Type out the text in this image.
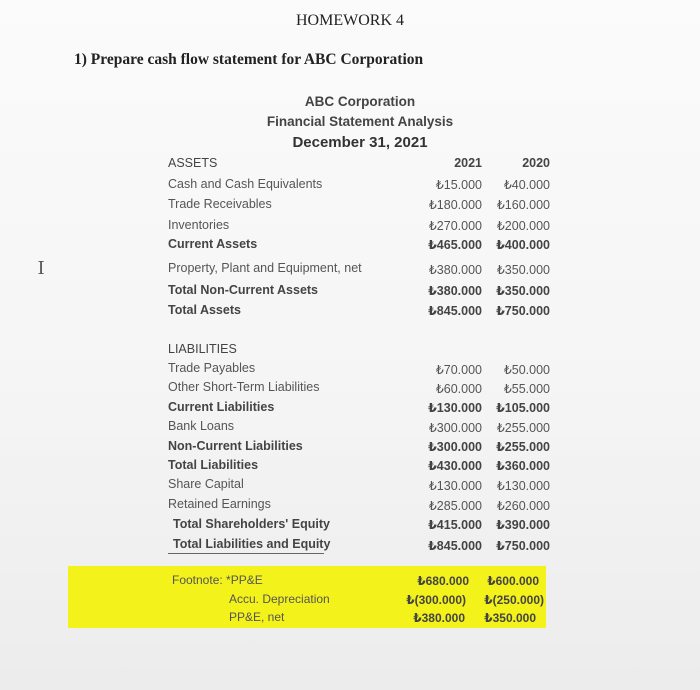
HOMEWORK 4
1) Prepare cash flow statement for ABC Corporation
ABC Corporation
Financial Statement Analysis
December 31, 2021
ASSETS	2021	2020
Cash and Cash Equivalents	₺15.000	₺40.000
Trade Receivables	₺180.000	₺160.000
Inventories	₺270.000	₺200.000
Current Assets	₺465.000	₺400.000
Property, Plant and Equipment, net	₺380.000	₺350.000
Total Non-Current Assets	₺380.000	₺350.000
Total Assets	₺845.000	₺750.000
LIABILITIES
Trade Payables	₺70.000	₺50.000
Other Short-Term Liabilities	₺60.000	₺55.000
Current Liabilities	₺130.000	₺105.000
Bank Loans	₺300.000	₺255.000
Non-Current Liabilities	₺300.000	₺255.000
Total Liabilities	₺430.000	₺360.000
Share Capital	₺130.000	₺130.000
Retained Earnings	₺285.000	₺260.000
Total Shareholders' Equity	₺415.000	₺390.000
Total Liabilities and Equity	₺845.000	₺750.000
Footnote: *PP&E	₺680.000	₺600.000
Accu. Depreciation	₺(300.000)	₺(250.000)
PP&E, net	₺380.000	₺350.000
I
